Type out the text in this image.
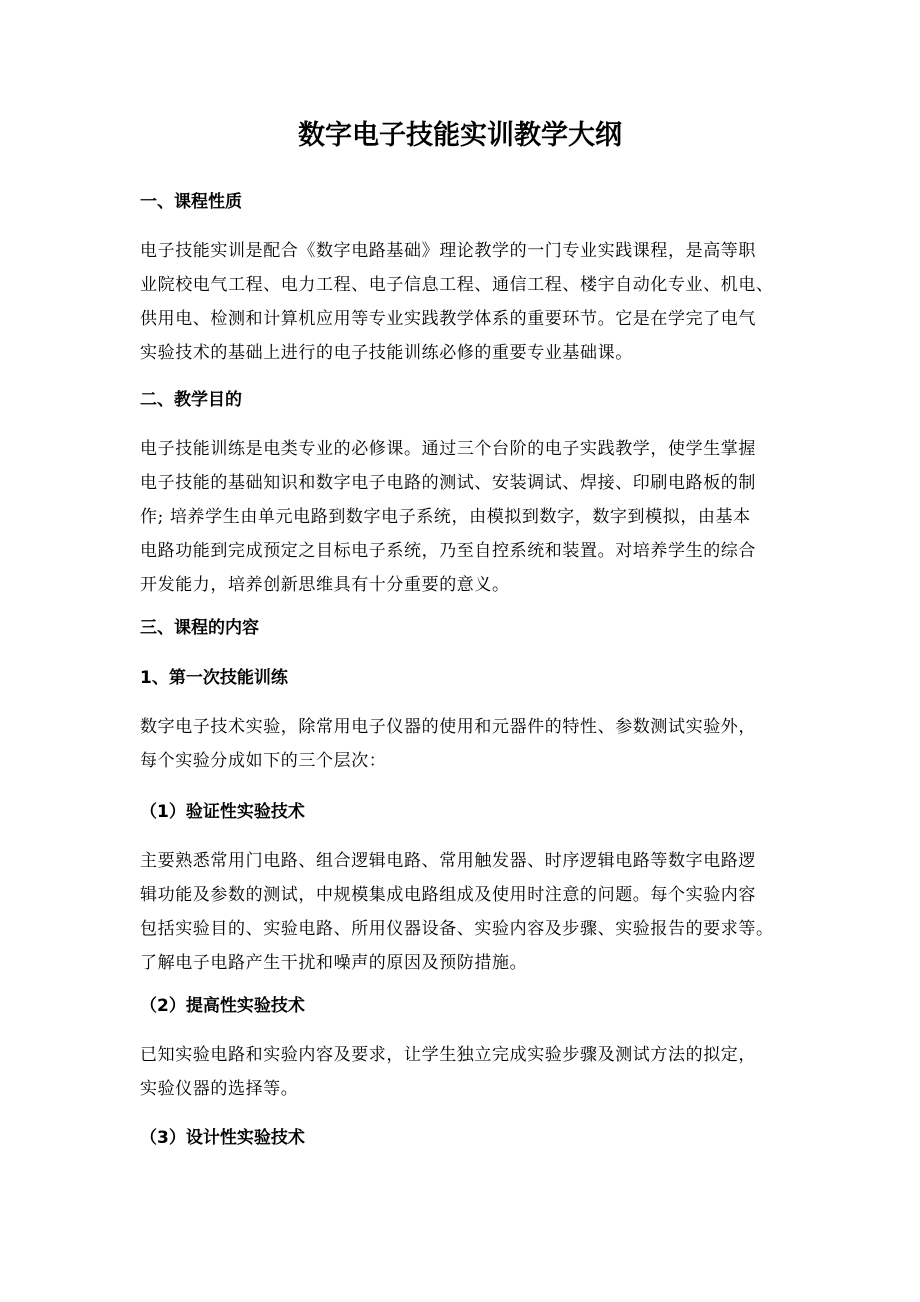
数字电子技能实训教学大纲
一、课程性质
电子技能实训是配合《数字电路基础》理论教学的一门专业实践课程，是高等职
业院校电气工程、电力工程、电子信息工程、通信工程、楼宇自动化专业、机电、
供用电、检测和计算机应用等专业实践教学体系的重要环节。它是在学完了电气
实验技术的基础上进行的电子技能训练必修的重要专业基础课。
二、教学目的
电子技能训练是电类专业的必修课。通过三个台阶的电子实践教学，使学生掌握
电子技能的基础知识和数字电子电路的测试、安装调试、焊接、印刷电路板的制
作; 培养学生由单元电路到数字电子系统，由模拟到数字，数字到模拟，由基本
电路功能到完成预定之目标电子系统，乃至自控系统和装置。对培养学生的综合
开发能力，培养创新思维具有十分重要的意义。
三、课程的内容
1、第一次技能训练
数字电子技术实验，除常用电子仪器的使用和元器件的特性、参数测试实验外，
每个实验分成如下的三个层次：
（1）验证性实验技术
主要熟悉常用门电路、组合逻辑电路、常用触发器、时序逻辑电路等数字电路逻
辑功能及参数的测试，中规模集成电路组成及使用时注意的问题。每个实验内容
包括实验目的、实验电路、所用仪器设备、实验内容及步骤、实验报告的要求等。
了解电子电路产生干扰和噪声的原因及预防措施。
（2）提高性实验技术
已知实验电路和实验内容及要求，让学生独立完成实验步骤及测试方法的拟定，
实验仪器的选择等。
（3）设计性实验技术
